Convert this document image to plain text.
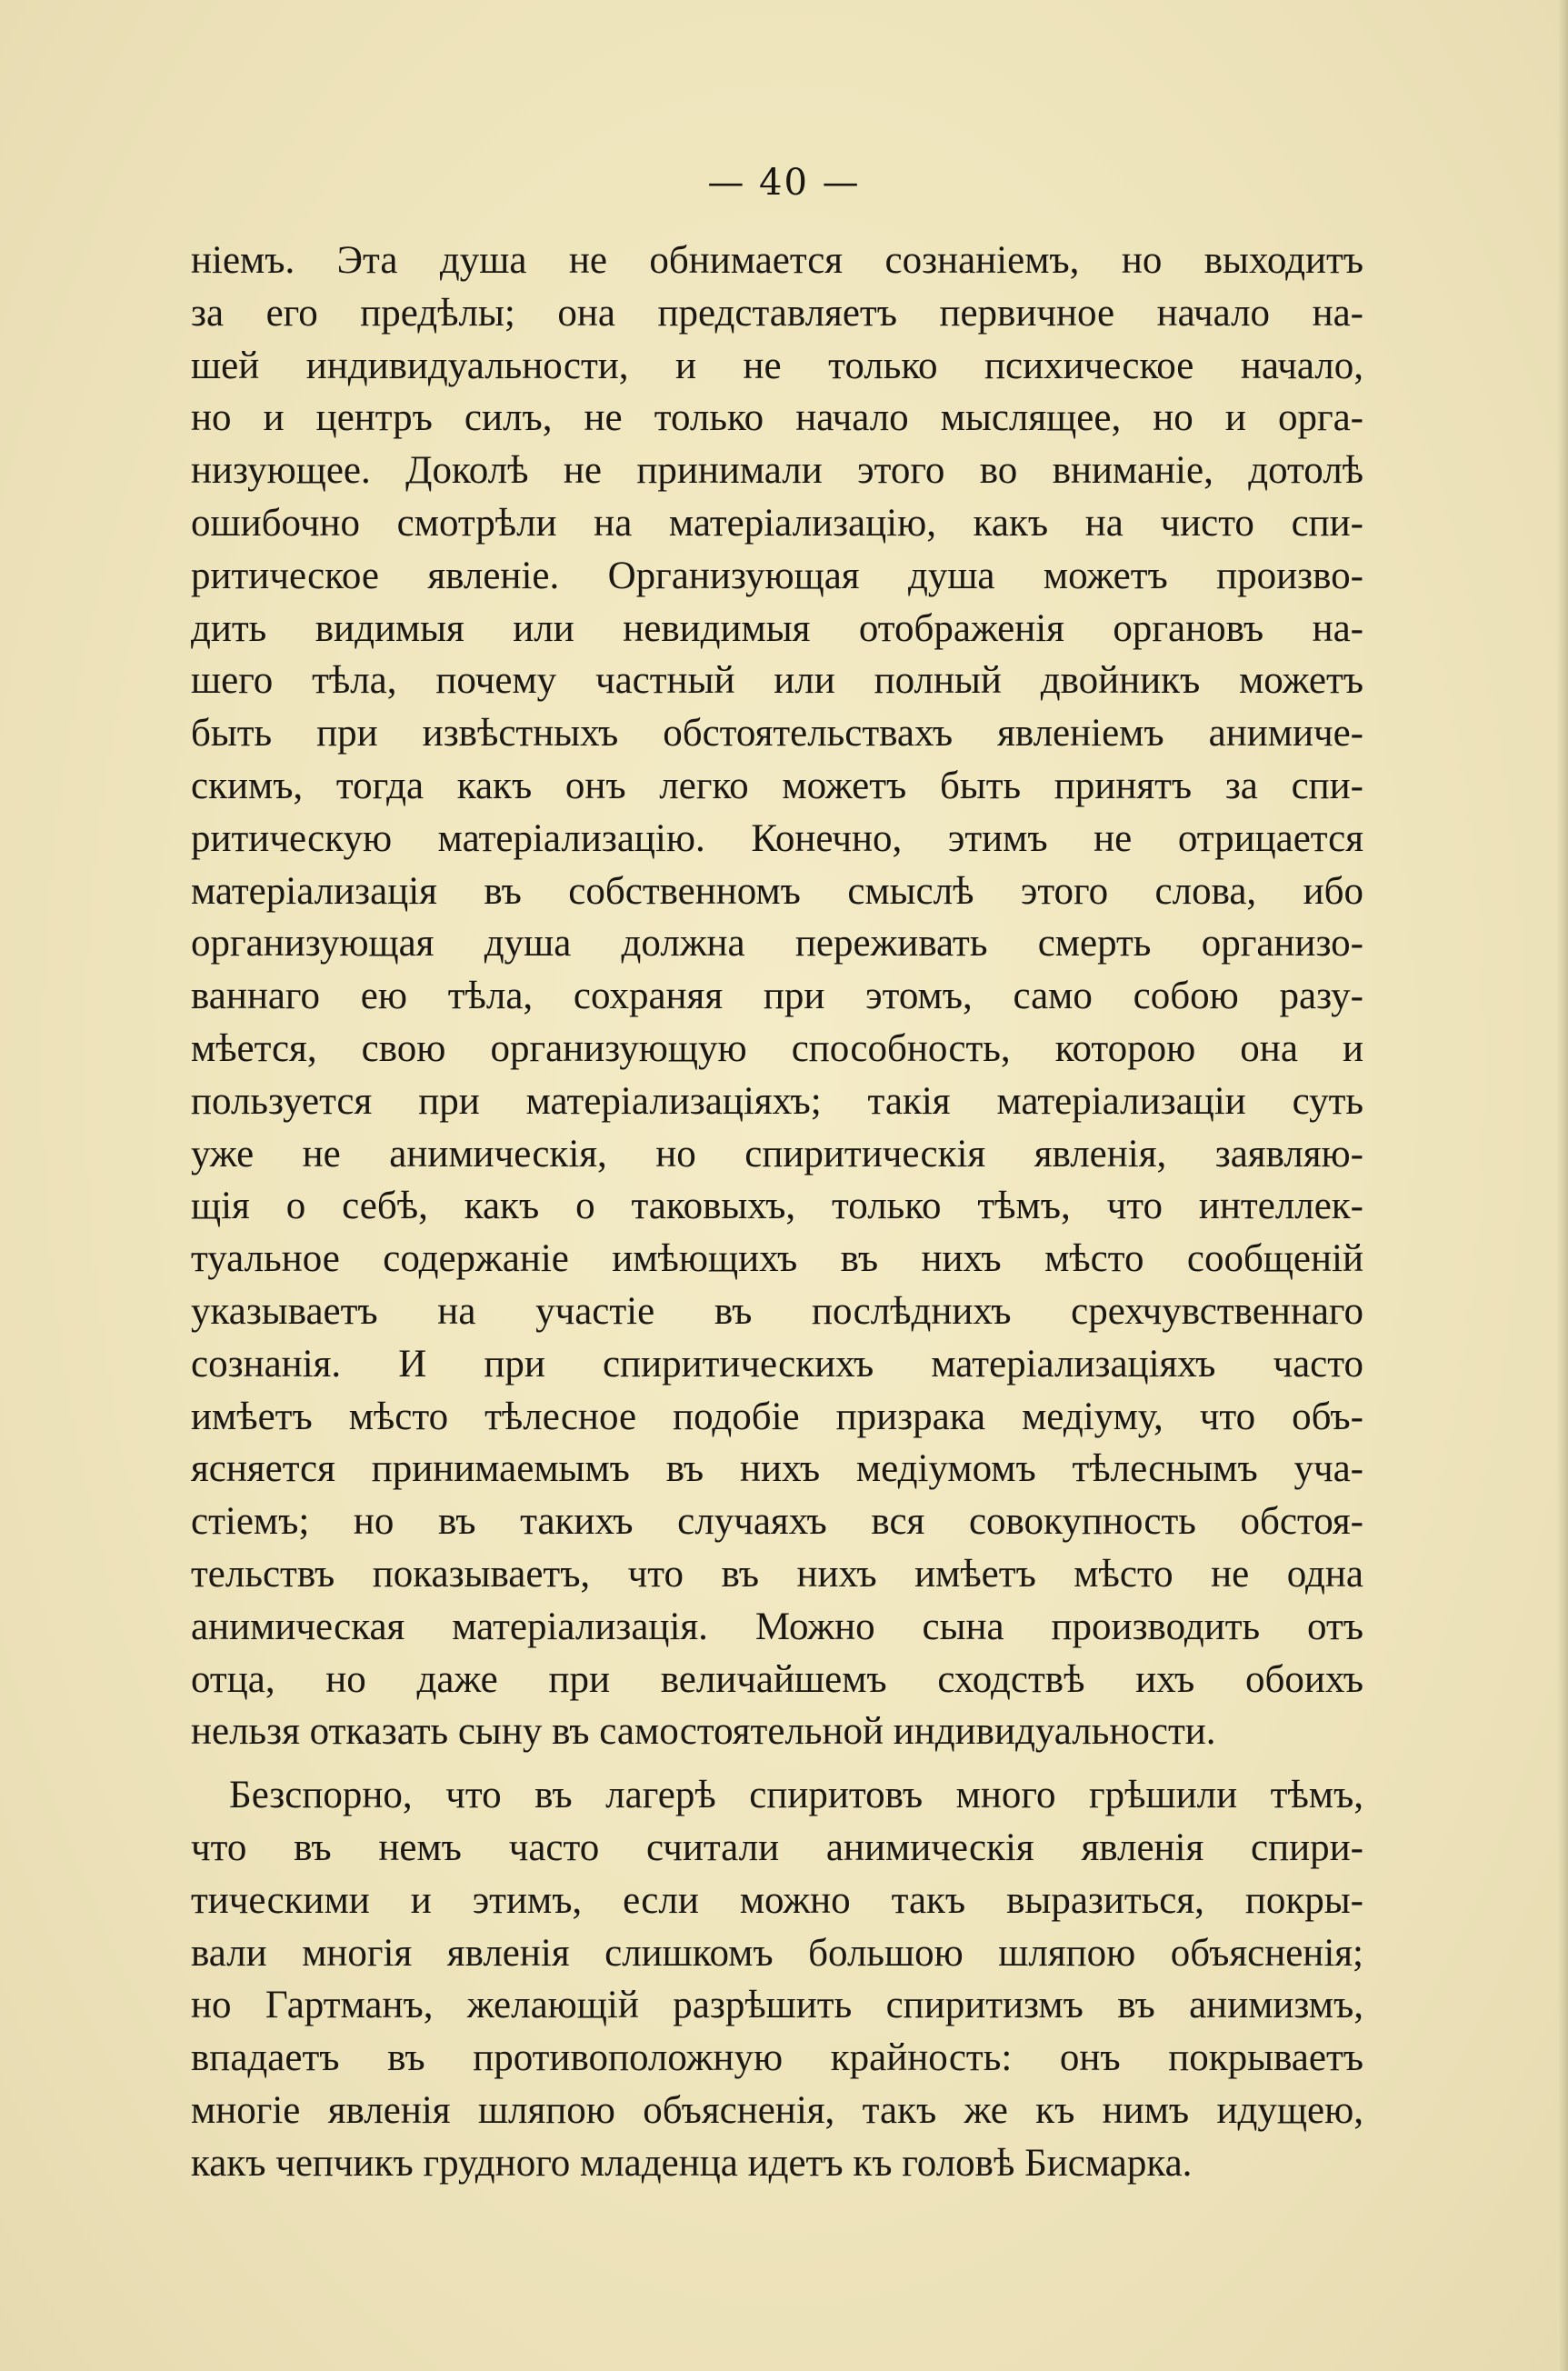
— 40 —
ніемъ. Эта душа не обнимается сознаніемъ, но выходитъ
за его предѣлы; она представляетъ первичное начало на-
шей индивидуальности, и не только психическое начало,
но и центръ силъ, не только начало мыслящее, но и орга-
низующее. Доколѣ не принимали этого во вниманіе, дотолѣ
ошибочно смотрѣли на матеріализацію, какъ на чисто спи-
ритическое явленіе. Организующая душа можетъ произво-
дить видимыя или невидимыя отображенія органовъ на-
шего тѣла, почему частный или полный двойникъ можетъ
быть при извѣстныхъ обстоятельствахъ явленіемъ анимиче-
скимъ, тогда какъ онъ легко можетъ быть принятъ за спи-
ритическую матеріализацію. Конечно, этимъ не отрицается
матеріализація въ собственномъ смыслѣ этого слова, ибо
организующая душа должна переживать смерть организо-
ваннаго ею тѣла, сохраняя при этомъ, само собою разу-
мѣется, свою организующую способность, которою она и
пользуется при матеріализаціяхъ; такія матеріализаціи суть
уже не анимическія, но спиритическія явленія, заявляю-
щія о себѣ, какъ о таковыхъ, только тѣмъ, что интеллек-
туальное содержаніе имѣющихъ въ нихъ мѣсто сообщеній
указываетъ на участіе въ послѣднихъ срехчувственнаго
сознанія. И при спиритическихъ матеріализаціяхъ часто
имѣетъ мѣсто тѣлесное подобіе призрака медіуму, что объ-
ясняется принимаемымъ въ нихъ медіумомъ тѣлеснымъ уча-
стіемъ; но въ такихъ случаяхъ вся совокупность обстоя-
тельствъ показываетъ, что въ нихъ имѣетъ мѣсто не одна
анимическая матеріализація. Можно сына производить отъ
отца, но даже при величайшемъ сходствѣ ихъ обоихъ
нельзя отказать сыну въ самостоятельной индивидуальности.
Безспорно, что въ лагерѣ спиритовъ много грѣшили тѣмъ,
что въ немъ часто считали анимическія явленія спири-
тическими и этимъ, если можно такъ выразиться, покры-
вали многія явленія слишкомъ большою шляпою объясненія;
но Гартманъ, желающій разрѣшить спиритизмъ въ анимизмъ,
впадаетъ въ противоположную крайность: онъ покрываетъ
многіе явленія шляпою объясненія, такъ же къ нимъ идущею,
какъ чепчикъ грудного младенца идетъ къ головѣ Бисмарка.
